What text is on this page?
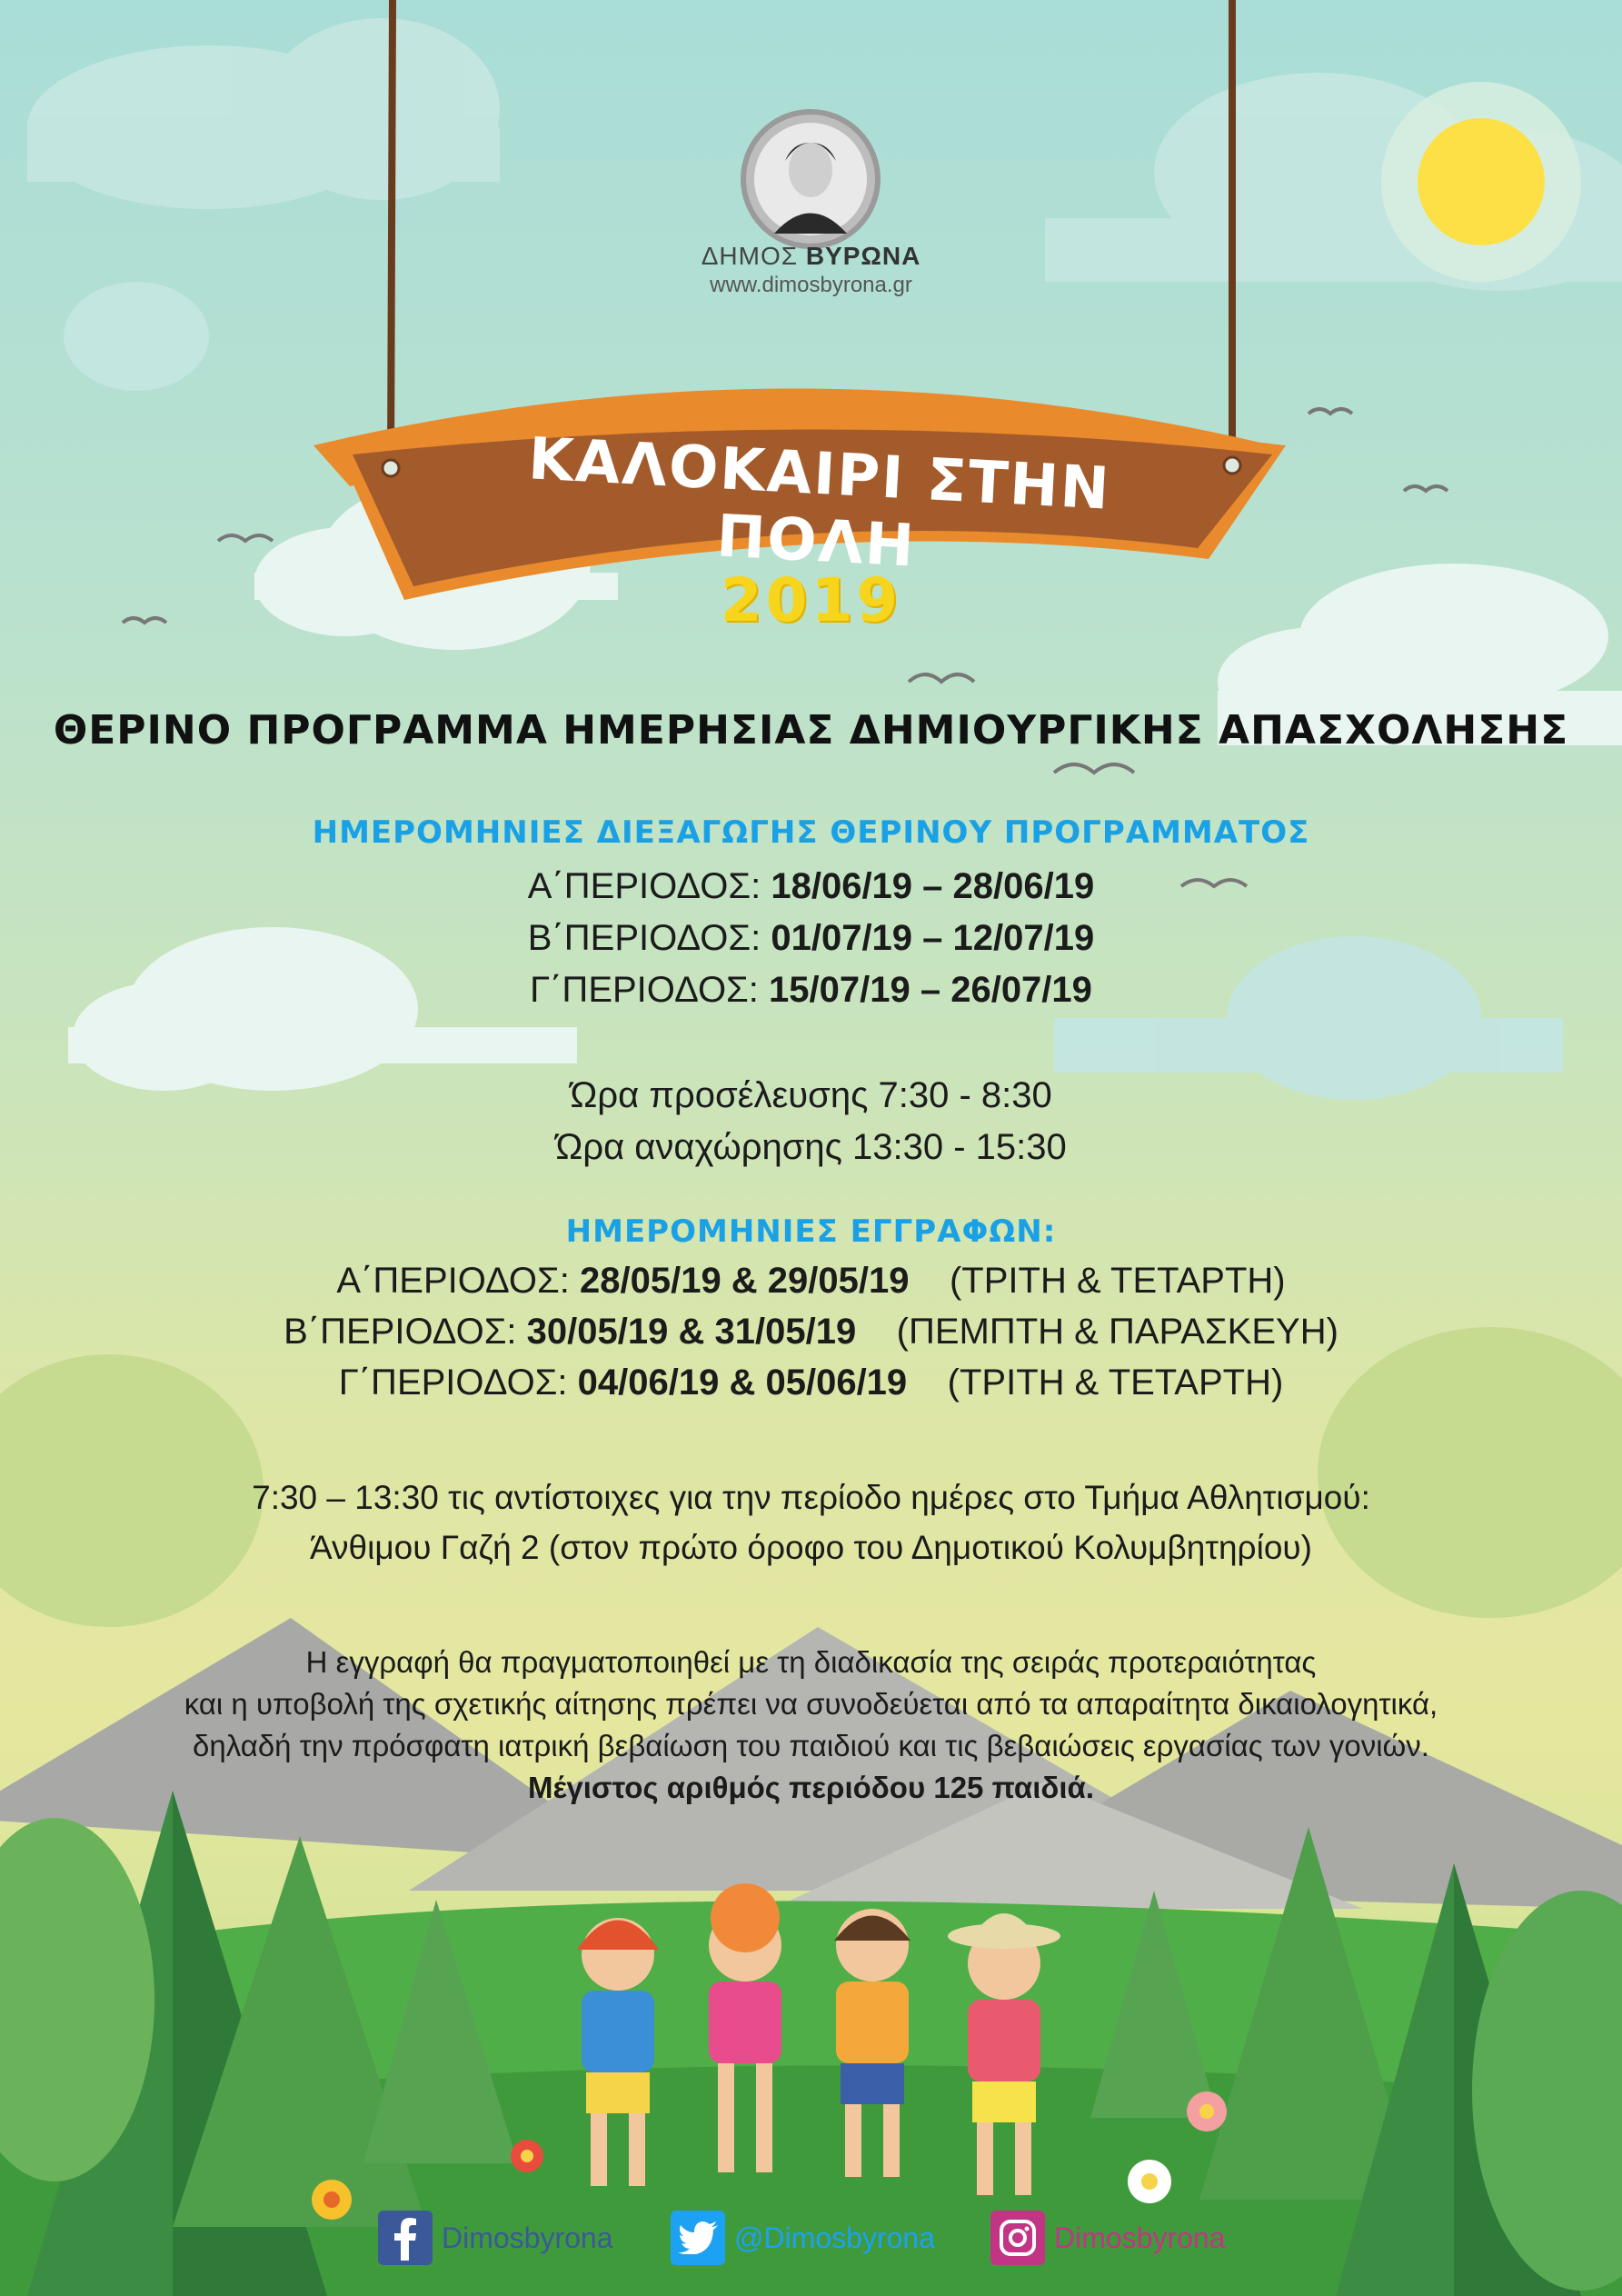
ΔΗΜΟΣ ΒΥΡΩΝΑ
www.dimosbyrona.gr
ΚΑΛΟΚΑΙΡΙ ΣΤΗΝ ΠΟΛΗ
2019
ΘΕΡΙΝΟ ΠΡΟΓΡΑΜΜΑ ΗΜΕΡΗΣΙΑΣ ΔΗΜΙΟΥΡΓΙΚΗΣ ΑΠΑΣΧΟΛΗΣΗΣ
ΗΜΕΡΟΜΗΝΙΕΣ ΔΙΕΞΑΓΩΓΗΣ ΘΕΡΙΝΟΥ ΠΡΟΓΡΑΜΜΑΤΟΣ
Α΄ΠΕΡΙΟΔΟΣ: 18/06/19 – 28/06/19
Β΄ΠΕΡΙΟΔΟΣ: 01/07/19 – 12/07/19
Γ΄ΠΕΡΙΟΔΟΣ: 15/07/19 – 26/07/19
Ώρα προσέλευσης 7:30 - 8:30
Ώρα αναχώρησης 13:30 - 15:30
ΗΜΕΡΟΜΗΝΙΕΣ ΕΓΓΡΑΦΩΝ:
Α΄ΠΕΡΙΟΔΟΣ: 28/05/19 & 29/05/19 (ΤΡΙΤΗ & ΤΕΤΑΡΤΗ)
Β΄ΠΕΡΙΟΔΟΣ: 30/05/19 & 31/05/19 (ΠΕΜΠΤΗ & ΠΑΡΑΣΚΕΥΗ)
Γ΄ΠΕΡΙΟΔΟΣ: 04/06/19 & 05/06/19 (ΤΡΙΤΗ & ΤΕΤΑΡΤΗ)
7:30 – 13:30 τις αντίστοιχες για την περίοδο ημέρες στο Τμήμα Αθλητισμού:
Άνθιμου Γαζή 2 (στον πρώτο όροφο του Δημοτικού Κολυμβητηρίου)
Η εγγραφή θα πραγματοποιηθεί με τη διαδικασία της σειράς προτεραιότητας
και η υποβολή της σχετικής αίτησης πρέπει να συνοδεύεται από τα απαραίτητα δικαιολογητικά,
δηλαδή την πρόσφατη ιατρική βεβαίωση του παιδιού και τις βεβαιώσεις εργασίας των γονιών.
Μέγιστος αριθμός περιόδου 125 παιδιά.
Dimosbyrona	@Dimosbyrona	Dimosbyrona
